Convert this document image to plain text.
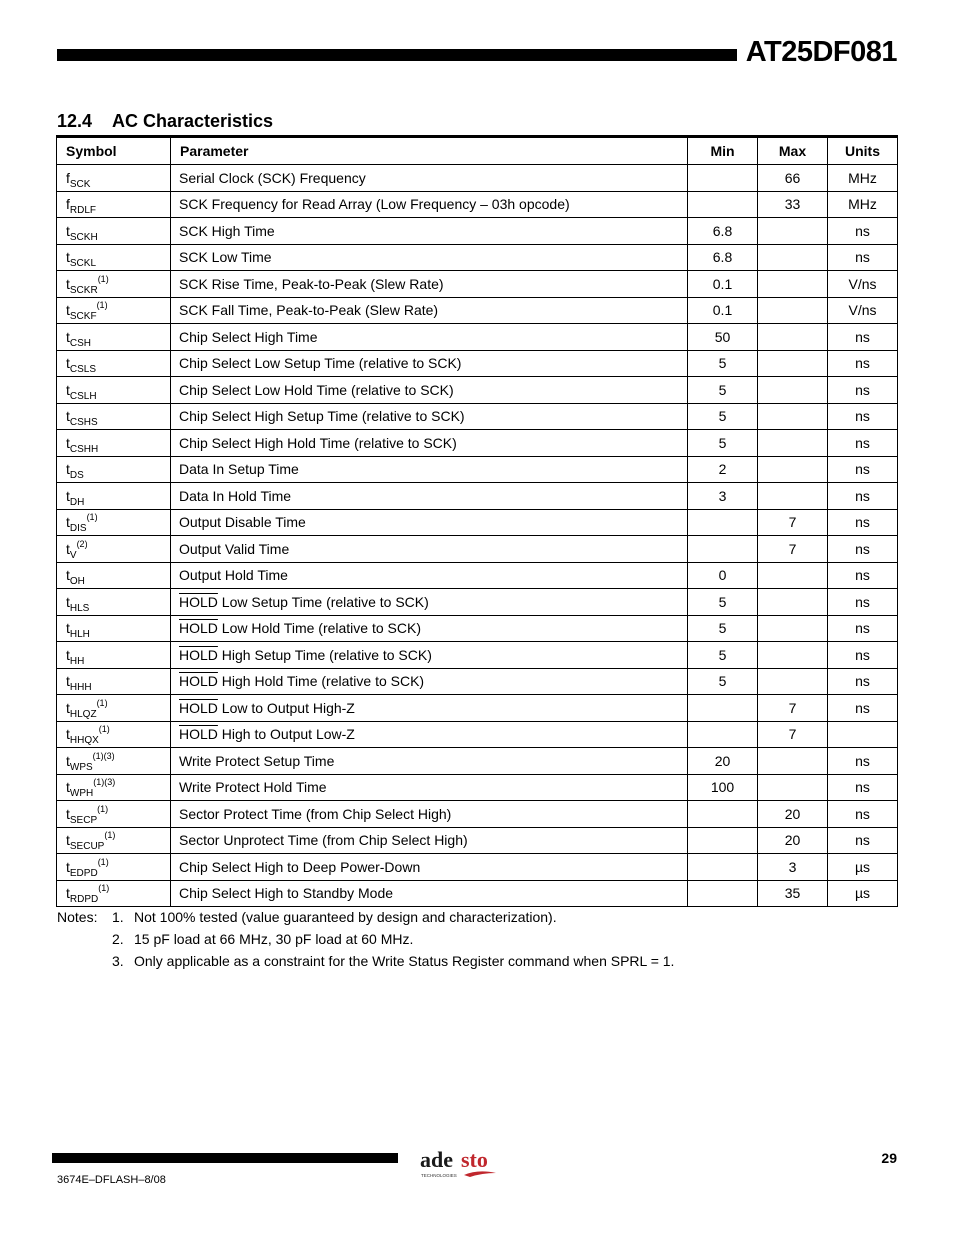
AT25DF081
12.4 AC Characteristics
Symbol	Parameter	Min	Max	Units
$f_{SCK}$	Serial Clock (SCK) Frequency		66	MHz
$f_{RDLF}$	SCK Frequency for Read Array (Low Frequency – 03h opcode)		33	MHz
$t_{SCKH}$	SCK High Time	6.8		ns
$t_{SCKL}$	SCK Low Time	6.8		ns
$t_{SCKR}^{(1)}$	SCK Rise Time, Peak-to-Peak (Slew Rate)	0.1		V/ns
$t_{SCKF}^{(1)}$	SCK Fall Time, Peak-to-Peak (Slew Rate)	0.1		V/ns
$t_{CSH}$	Chip Select High Time	50		ns
$t_{CSLS}$	Chip Select Low Setup Time (relative to SCK)	5		ns
$t_{CSLH}$	Chip Select Low Hold Time (relative to SCK)	5		ns
$t_{CSHS}$	Chip Select High Setup Time (relative to SCK)	5		ns
$t_{CSHH}$	Chip Select High Hold Time (relative to SCK)	5		ns
$t_{DS}$	Data In Setup Time	2		ns
$t_{DH}$	Data In Hold Time	3		ns
$t_{DIS}^{(1)}$	Output Disable Time		7	ns
$t_V^{(2)}$	Output Valid Time		7	ns
$t_{OH}$	Output Hold Time	0		ns
$t_{HLS}$	HOLD Low Setup Time (relative to SCK)	5		ns
$t_{HLH}$	HOLD Low Hold Time (relative to SCK)	5		ns
$t_{HH}$	HOLD High Setup Time (relative to SCK)	5		ns
$t_{HHH}$	HOLD High Hold Time (relative to SCK)	5		ns
$t_{HLQZ}^{(1)}$	HOLD Low to Output High-Z		7	ns
$t_{HHQX}^{(1)}$	HOLD High to Output Low-Z		7	
$t_{WPS}^{(1)(3)}$	Write Protect Setup Time	20		ns
$t_{WPH}^{(1)(3)}$	Write Protect Hold Time	100		ns
$t_{SECP}^{(1)}$	Sector Protect Time (from Chip Select High)		20	ns
$t_{SECUP}^{(1)}$	Sector Unprotect Time (from Chip Select High)		20	ns
$t_{EDPD}^{(1)}$	Chip Select High to Deep Power-Down		3	µs
$t_{RDPD}^{(1)}$	Chip Select High to Standby Mode		35	µs
Notes:	1. Not 100% tested (value guaranteed by design and characterization).
2. 15 pF load at 66 MHz, 30 pF load at 60 MHz.
3. Only applicable as a constraint for the Write Status Register command when SPRL = 1.
ade sto
TECHNOLOGIES
29
3674E–DFLASH–8/08
